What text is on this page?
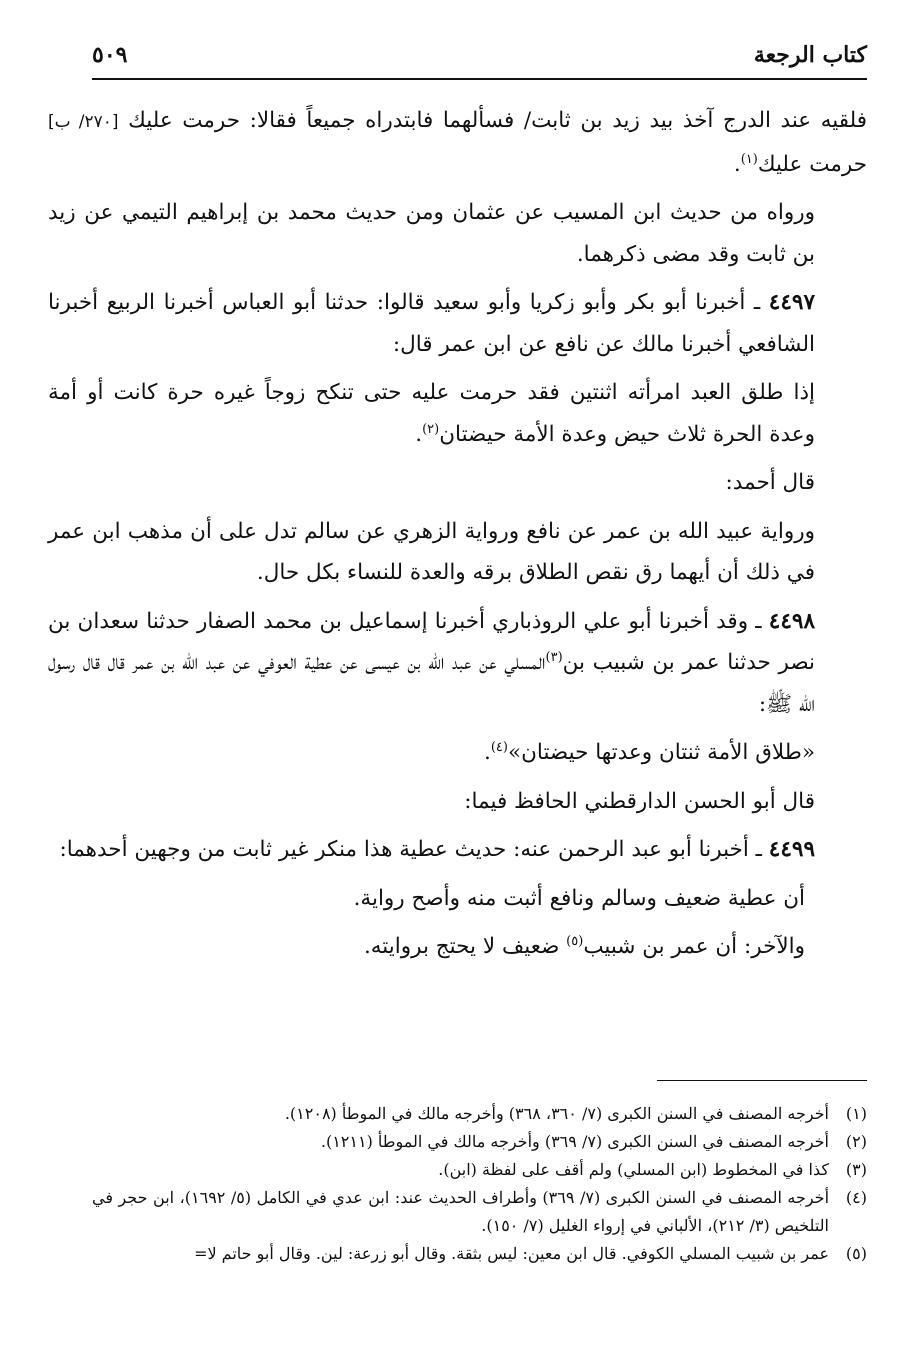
كتاب الرجعة
٥٠٩

فلقيه عند الدرج آخذ بيد زيد بن ثابت/ فسألهما فابتدراه جميعاً فقالا: حرمت عليك [٢٧٠/ ب] حرمت عليك$^{(١)}$.

ورواه من حديث ابن المسيب عن عثمان ومن حديث محمد بن إبراهيم التيمي عن زيد بن ثابت وقد مضى ذكرهما.

٤٤٩٧ ـ أخبرنا أبو بكر وأبو زكريا وأبو سعيد قالوا: حدثنا أبو العباس أخبرنا الربيع أخبرنا الشافعي أخبرنا مالك عن نافع عن ابن عمر قال:

إذا طلق العبد امرأته اثنتين فقد حرمت عليه حتى تنكح زوجاً غيره حرة كانت أو أمة وعدة الحرة ثلاث حيض وعدة الأمة حيضتان$^{(٢)}$.

قال أحمد:

ورواية عبيد الله بن عمر عن نافع ورواية الزهري عن سالم تدل على أن مذهب ابن عمر في ذلك أن أيهما رق نقص الطلاق برقه والعدة للنساء بكل حال.

٤٤٩٨ ـ وقد أخبرنا أبو علي الروذباري أخبرنا إسماعيل بن محمد الصفار حدثنا سعدان بن نصر حدثنا عمر بن شبيب بن$^{(٣)}$المسلي عن عبد الله بن عيسى عن عطية العوفي عن عبد الله بن عمر قال قال رسول الله ﷺ:

«طلاق الأمة ثنتان وعدتها حيضتان»$^{(٤)}$.

قال أبو الحسن الدارقطني الحافظ فيما:

٤٤٩٩ ـ أخبرنا أبو عبد الرحمن عنه: حديث عطية هذا منكر غير ثابت من وجهين أحدهما:

أن عطية ضعيف وسالم ونافع أثبت منه وأصح رواية.

والآخر: أن عمر بن شبيب$^{(٥)}$ ضعيف لا يحتج بروايته.

(١)
أخرجه المصنف في السنن الكبرى (٧/ ٣٦٠، ٣٦٨) وأخرجه مالك في الموطأ (١٢٠٨).
(٢)
أخرجه المصنف في السنن الكبرى (٧/ ٣٦٩) وأخرجه مالك في الموطأ (١٢١١).
(٣)
كذا في المخطوط (ابن المسلي) ولم أقف على لفظة (ابن).
(٤)
أخرجه المصنف في السنن الكبرى (٧/ ٣٦٩) وأطراف الحديث عند: ابن عدي في الكامل (٥/ ١٦٩٢)، ابن حجر في التلخيص (٣/ ٢١٢)، الألباني في إرواء الغليل (٧/ ١٥٠).
(٥)
عمر بن شبيب المسلي الكوفي. قال ابن معين: ليس بثقة. وقال أبو زرعة: لين. وقال أبو حاتم لا=
